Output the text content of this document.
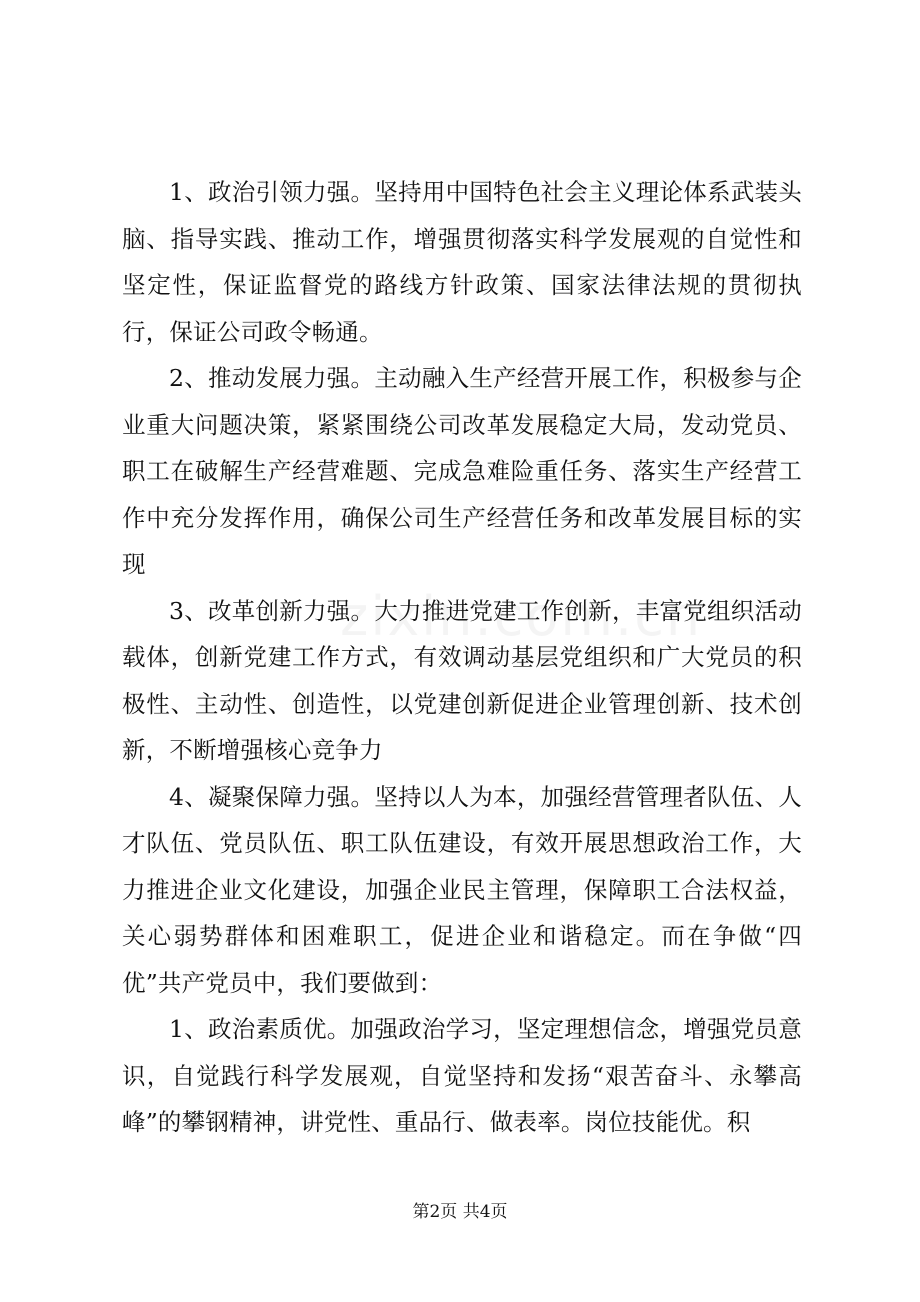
1、政治引领力强。坚持用中国特色社会主义理论体系武装头脑、指导实践、推动工作，增强贯彻落实科学发展观的自觉性和坚定性，保证监督党的路线方针政策、国家法律法规的贯彻执行，保证公司政令畅通。

2、推动发展力强。主动融入生产经营开展工作，积极参与企业重大问题决策，紧紧围绕公司改革发展稳定大局，发动党员、职工在破解生产经营难题、完成急难险重任务、落实生产经营工作中充分发挥作用，确保公司生产经营任务和改革发展目标的实现

3、改革创新力强。大力推进党建工作创新，丰富党组织活动载体，创新党建工作方式，有效调动基层党组织和广大党员的积极性、主动性、创造性，以党建创新促进企业管理创新、技术创新，不断增强核心竞争力

4、凝聚保障力强。坚持以人为本，加强经营管理者队伍、人才队伍、党员队伍、职工队伍建设，有效开展思想政治工作，大力推进企业文化建设，加强企业民主管理，保障职工合法权益，关心弱势群体和困难职工，促进企业和谐稳定。而在争做“四优”共产党员中，我们要做到：

1、政治素质优。加强政治学习，坚定理想信念，增强党员意识，自觉践行科学发展观，自觉坚持和发扬“艰苦奋斗、永攀高峰”的攀钢精神，讲党性、重品行、做表率。岗位技能优。积

第2页 共4页
